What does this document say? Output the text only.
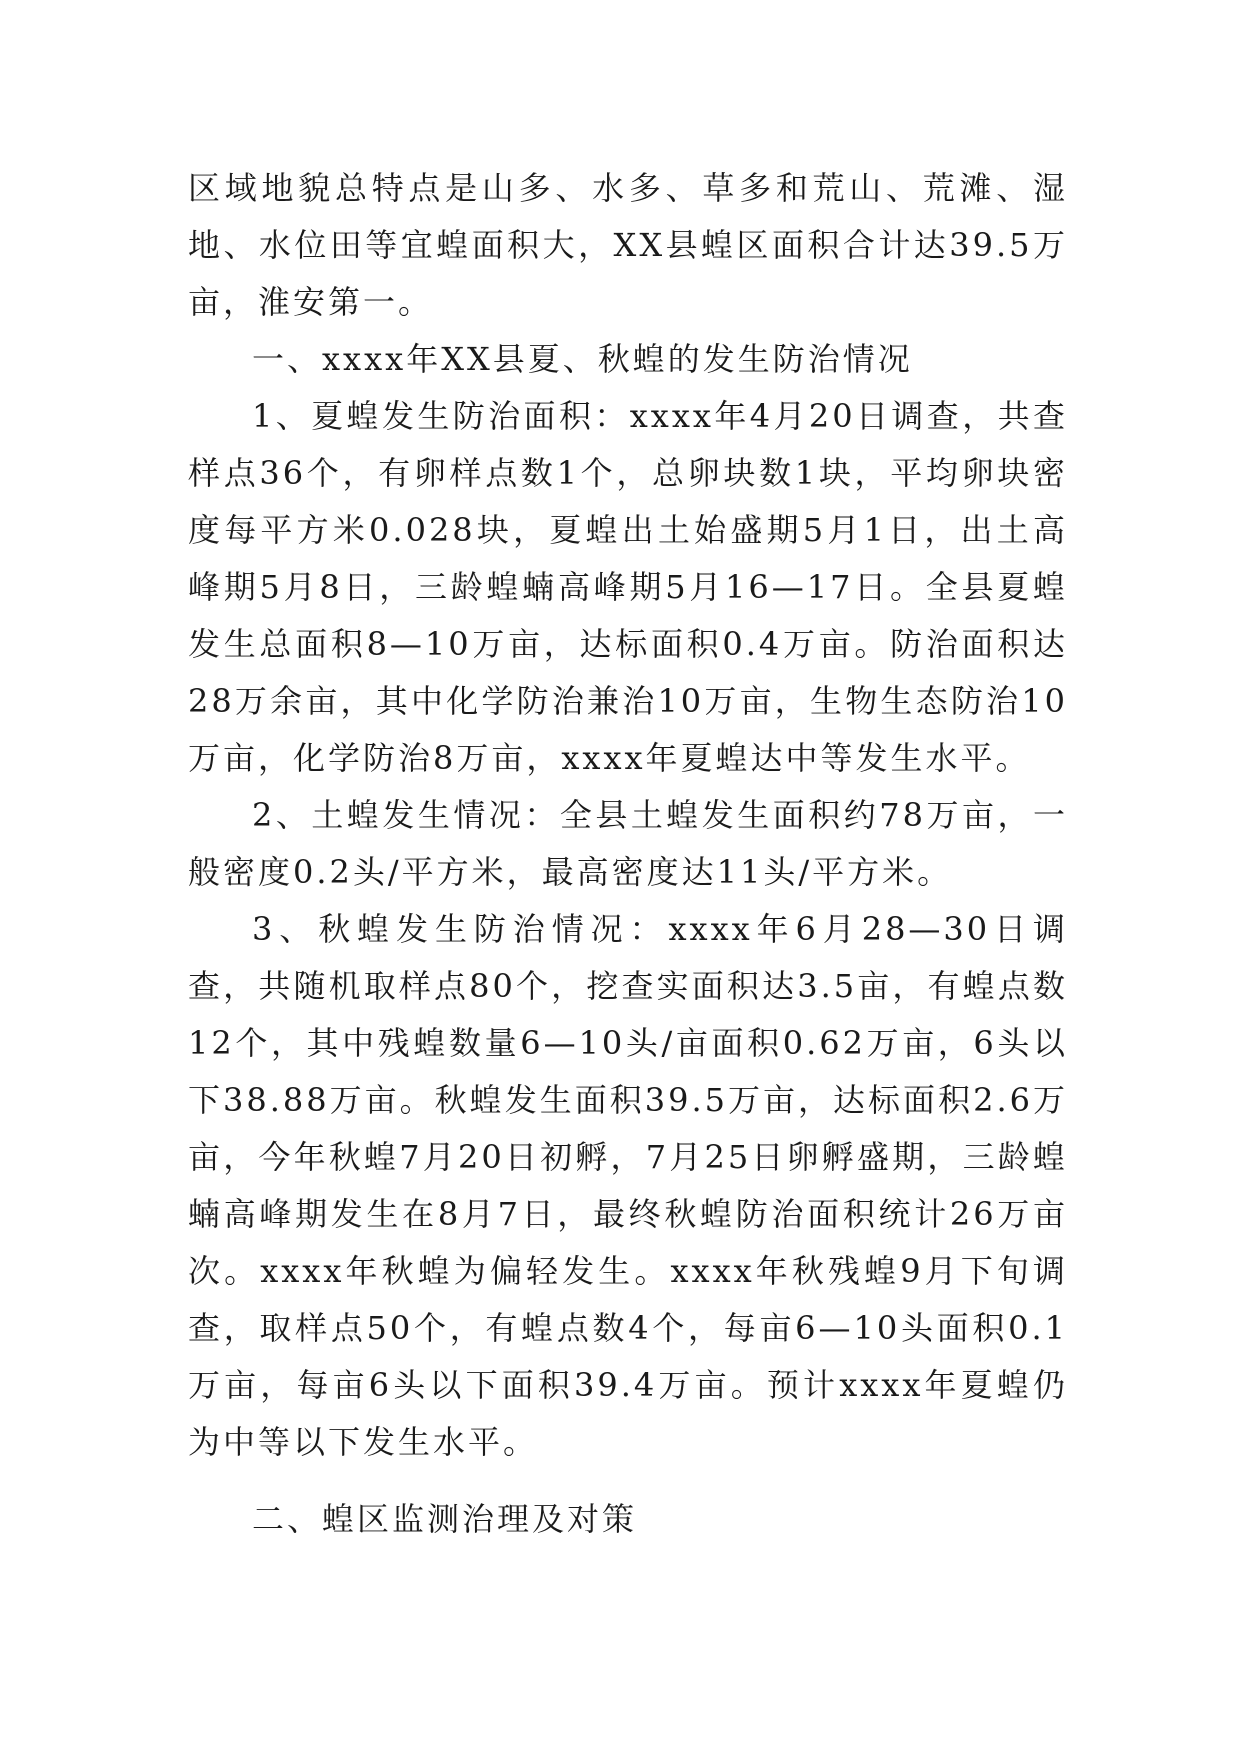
区域地貌总特点是山多、水多、草多和荒山、荒滩、湿地、水位田等宜蝗面积大，XX县蝗区面积合计达39.5万亩，淮安第一。

一、xxxx年XX县夏、秋蝗的发生防治情况

1、夏蝗发生防治面积：xxxx年4月20日调查，共查样点36个，有卵样点数1个，总卵块数1块，平均卵块密度每平方米0.028块，夏蝗出土始盛期5月1日，出土高峰期5月8日，三龄蝗蝻高峰期5月16—17日。全县夏蝗发生总面积8—10万亩，达标面积0.4万亩。防治面积达28万余亩，其中化学防治兼治10万亩，生物生态防治10万亩，化学防治8万亩，xxxx年夏蝗达中等发生水平。

2、土蝗发生情况：全县土蝗发生面积约78万亩，一般密度0.2头/平方米，最高密度达11头/平方米。

3、秋蝗发生防治情况：xxxx年6月28—30日调查，共随机取样点80个，挖查实面积达3.5亩，有蝗点数12个，其中残蝗数量6—10头/亩面积0.62万亩，6头以下38.88万亩。秋蝗发生面积39.5万亩，达标面积2.6万亩，今年秋蝗7月20日初孵，7月25日卵孵盛期，三龄蝗蝻高峰期发生在8月7日，最终秋蝗防治面积统计26万亩次。xxxx年秋蝗为偏轻发生。xxxx年秋残蝗9月下旬调查，取样点50个，有蝗点数4个，每亩6—10头面积0.1万亩，每亩6头以下面积39.4万亩。预计xxxx年夏蝗仍为中等以下发生水平。

二、蝗区监测治理及对策
